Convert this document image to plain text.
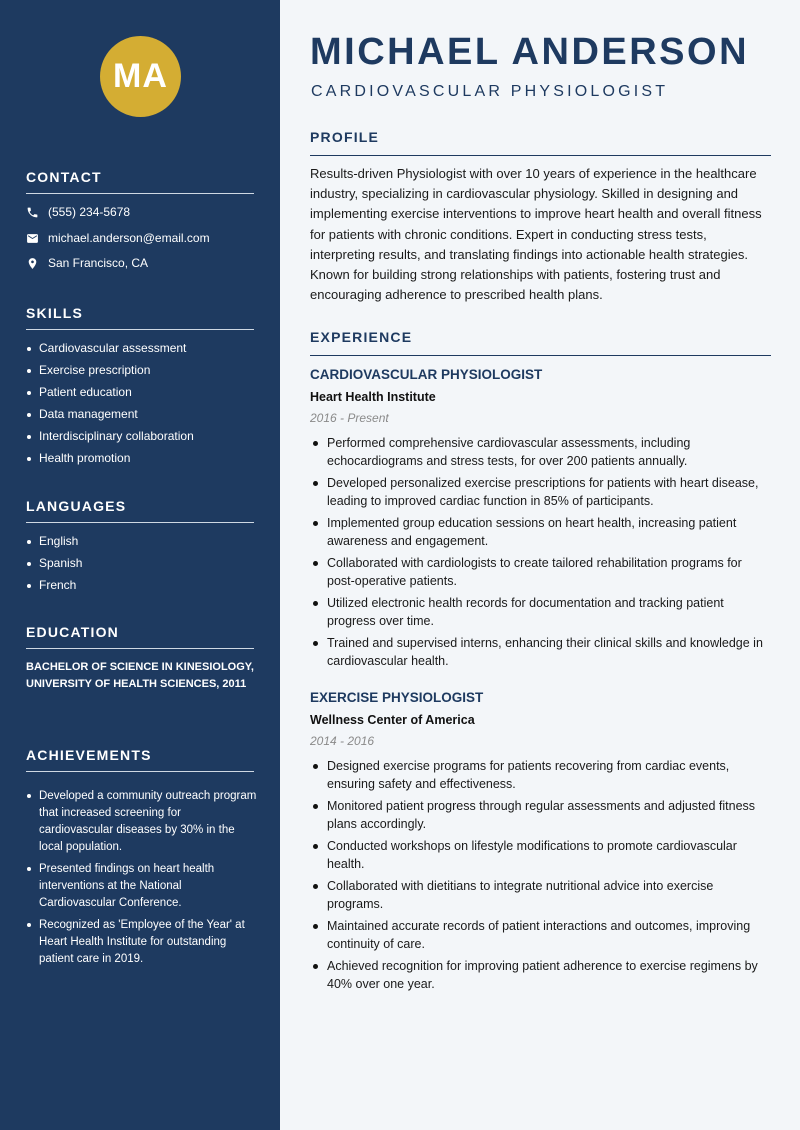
MA
CONTACT
(555) 234-5678
michael.anderson@email.com
San Francisco, CA
SKILLS
Cardiovascular assessment
Exercise prescription
Patient education
Data management
Interdisciplinary collaboration
Health promotion
LANGUAGES
English
Spanish
French
EDUCATION
BACHELOR OF SCIENCE IN KINESIOLOGY, UNIVERSITY OF HEALTH SCIENCES, 2011
ACHIEVEMENTS
Developed a community outreach program that increased screening for cardiovascular diseases by 30% in the local population.
Presented findings on heart health interventions at the National Cardiovascular Conference.
Recognized as 'Employee of the Year' at Heart Health Institute for outstanding patient care in 2019.
MICHAEL ANDERSON
CARDIOVASCULAR PHYSIOLOGIST
PROFILE

Results-driven Physiologist with over 10 years of experience in the healthcare industry, specializing in cardiovascular physiology. Skilled in designing and implementing exercise interventions to improve heart health and overall fitness for patients with chronic conditions. Expert in conducting stress tests, interpreting results, and translating findings into actionable health strategies. Known for building strong relationships with patients, fostering trust and encouraging adherence to prescribed health plans.

EXPERIENCE
CARDIOVASCULAR PHYSIOLOGIST
Heart Health Institute
2016 - Present
Performed comprehensive cardiovascular assessments, including echocardiograms and stress tests, for over 200 patients annually.
Developed personalized exercise prescriptions for patients with heart disease, leading to improved cardiac function in 85% of participants.
Implemented group education sessions on heart health, increasing patient awareness and engagement.
Collaborated with cardiologists to create tailored rehabilitation programs for post-operative patients.
Utilized electronic health records for documentation and tracking patient progress over time.
Trained and supervised interns, enhancing their clinical skills and knowledge in cardiovascular health.
EXERCISE PHYSIOLOGIST
Wellness Center of America
2014 - 2016
Designed exercise programs for patients recovering from cardiac events, ensuring safety and effectiveness.
Monitored patient progress through regular assessments and adjusted fitness plans accordingly.
Conducted workshops on lifestyle modifications to promote cardiovascular health.
Collaborated with dietitians to integrate nutritional advice into exercise programs.
Maintained accurate records of patient interactions and outcomes, improving continuity of care.
Achieved recognition for improving patient adherence to exercise regimens by 40% over one year.
